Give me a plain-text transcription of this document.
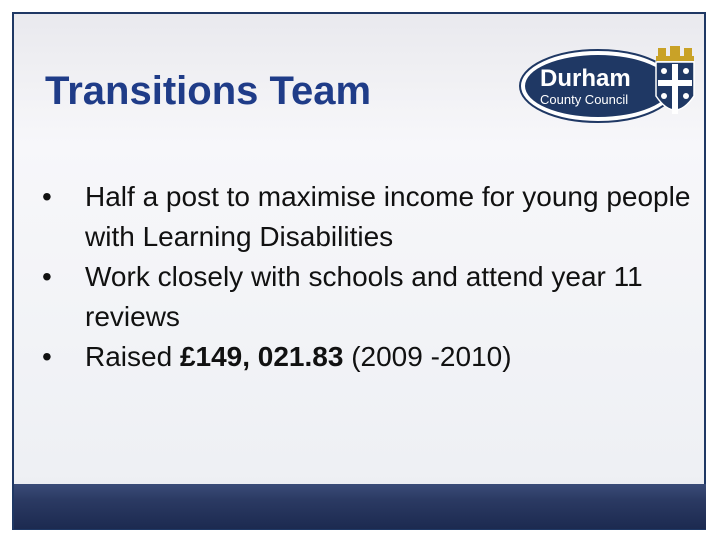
Transitions Team	Durham
County Council
•	Half a post to maximise income for young people with Learning Disabilities
•	Work closely with schools and attend year 11 reviews
•	Raised £149, 021.83 (2009 -2010)
19 March 2018	NAWRA June 2010	19
